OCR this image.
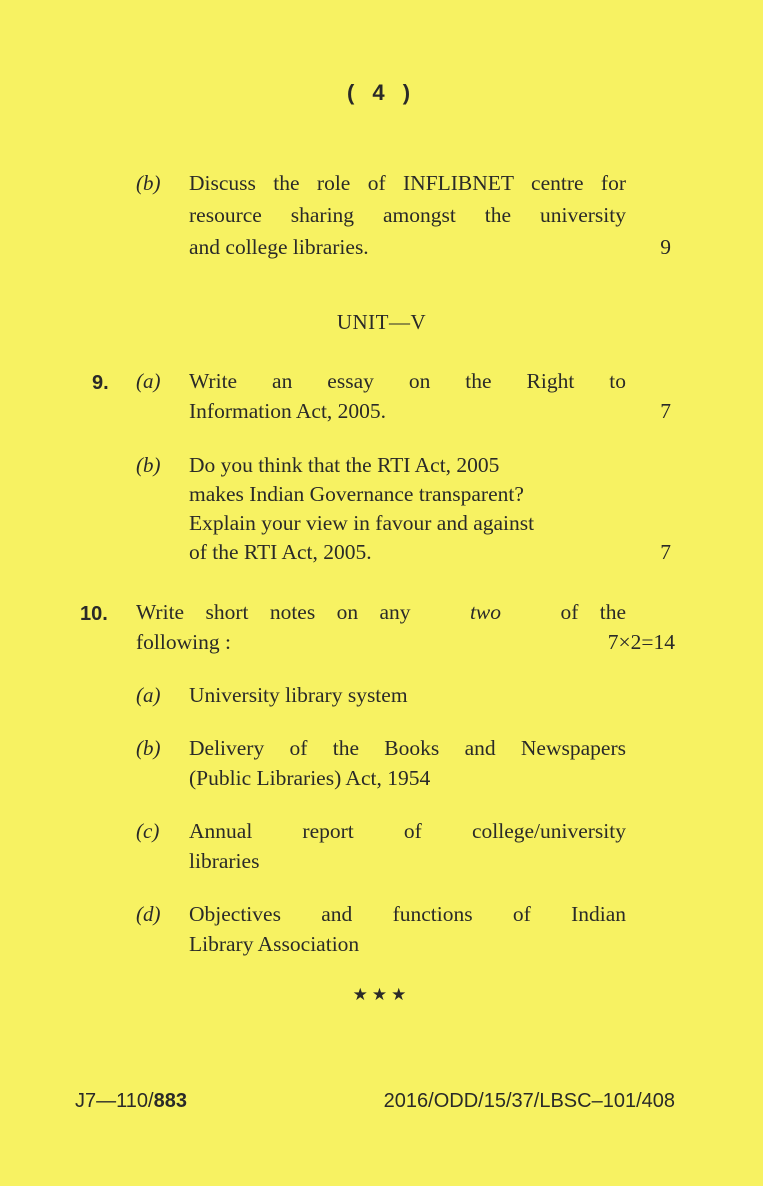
( 4 )
(b) Discuss the role of INFLIBNET centre for
resource sharing amongst the university
and college libraries.	9
UNIT—V
9. (a) Write an essay on the Right to
Information Act, 2005.	7
(b) Do you think that the RTI Act, 2005
makes Indian Governance transparent?
Explain your view in favour and against
of the RTI Act, 2005.	7
10. Write short notes on any	two	of the
following :	7×2=14
(a) University library system
(b) Delivery of the Books and Newspapers
(Public Libraries) Act, 1954
(c) Annual report of college/university
libraries
(d) Objectives and functions of Indian
Library Association
★★★
J7—110/883	2016/ODD/15/37/LBSC–101/408
